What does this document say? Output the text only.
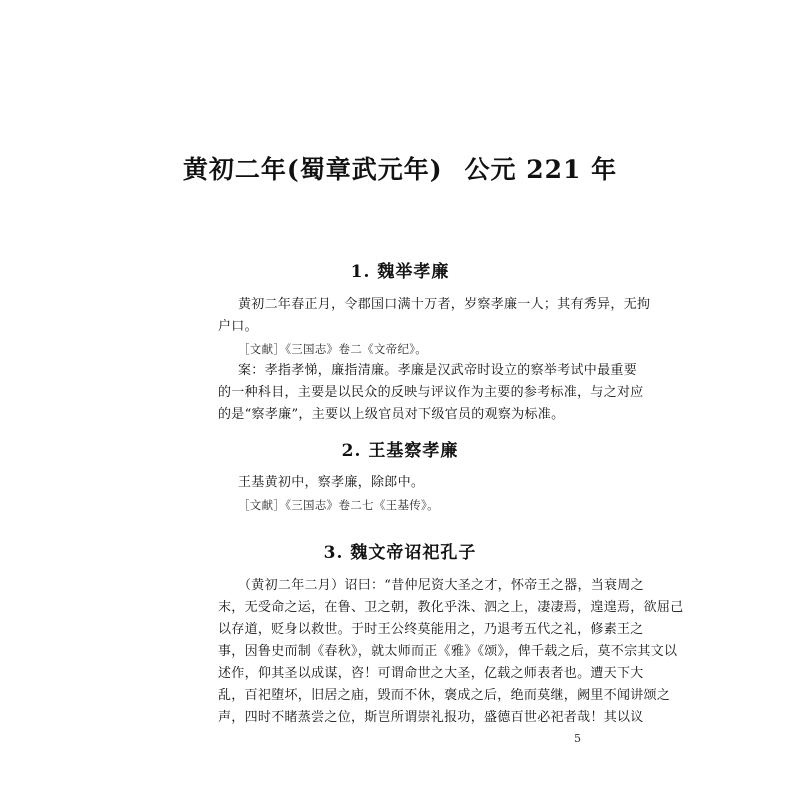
黄初二年(蜀章武元年) 公元 221 年
1. 魏举孝廉
黄初二年春正月，令郡国口满十万者，岁察孝廉一人；其有秀异，无拘
户口。
［文献］《三国志》卷二《文帝纪》。
案：孝指孝悌，廉指清廉。孝廉是汉武帝时设立的察举考试中最重要
的一种科目，主要是以民众的反映与评议作为主要的参考标准，与之对应
的是“察孝廉”，主要以上级官员对下级官员的观察为标准。
2. 王基察孝廉
王基黄初中，察孝廉，除郎中。
［文献］《三国志》卷二七《王基传》。
3. 魏文帝诏祀孔子
（黄初二年二月）诏曰：“昔仲尼资大圣之才，怀帝王之器，当衰周之
末，无受命之运，在鲁、卫之朝，教化乎洙、泗之上，凄凄焉，遑遑焉，欲屈己
以存道，贬身以救世。于时王公终莫能用之，乃退考五代之礼，修素王之
事，因鲁史而制《春秋》，就太师而正《雅》《颂》，俾千载之后，莫不宗其文以
述作，仰其圣以成谋，咨！可谓命世之大圣，亿载之师表者也。遭天下大
乱，百祀堕坏，旧居之庙，毁而不休，褒成之后，绝而莫继，阙里不闻讲颂之
声，四时不睹蒸尝之位，斯岂所谓崇礼报功，盛德百世必祀者哉！其以议
5
